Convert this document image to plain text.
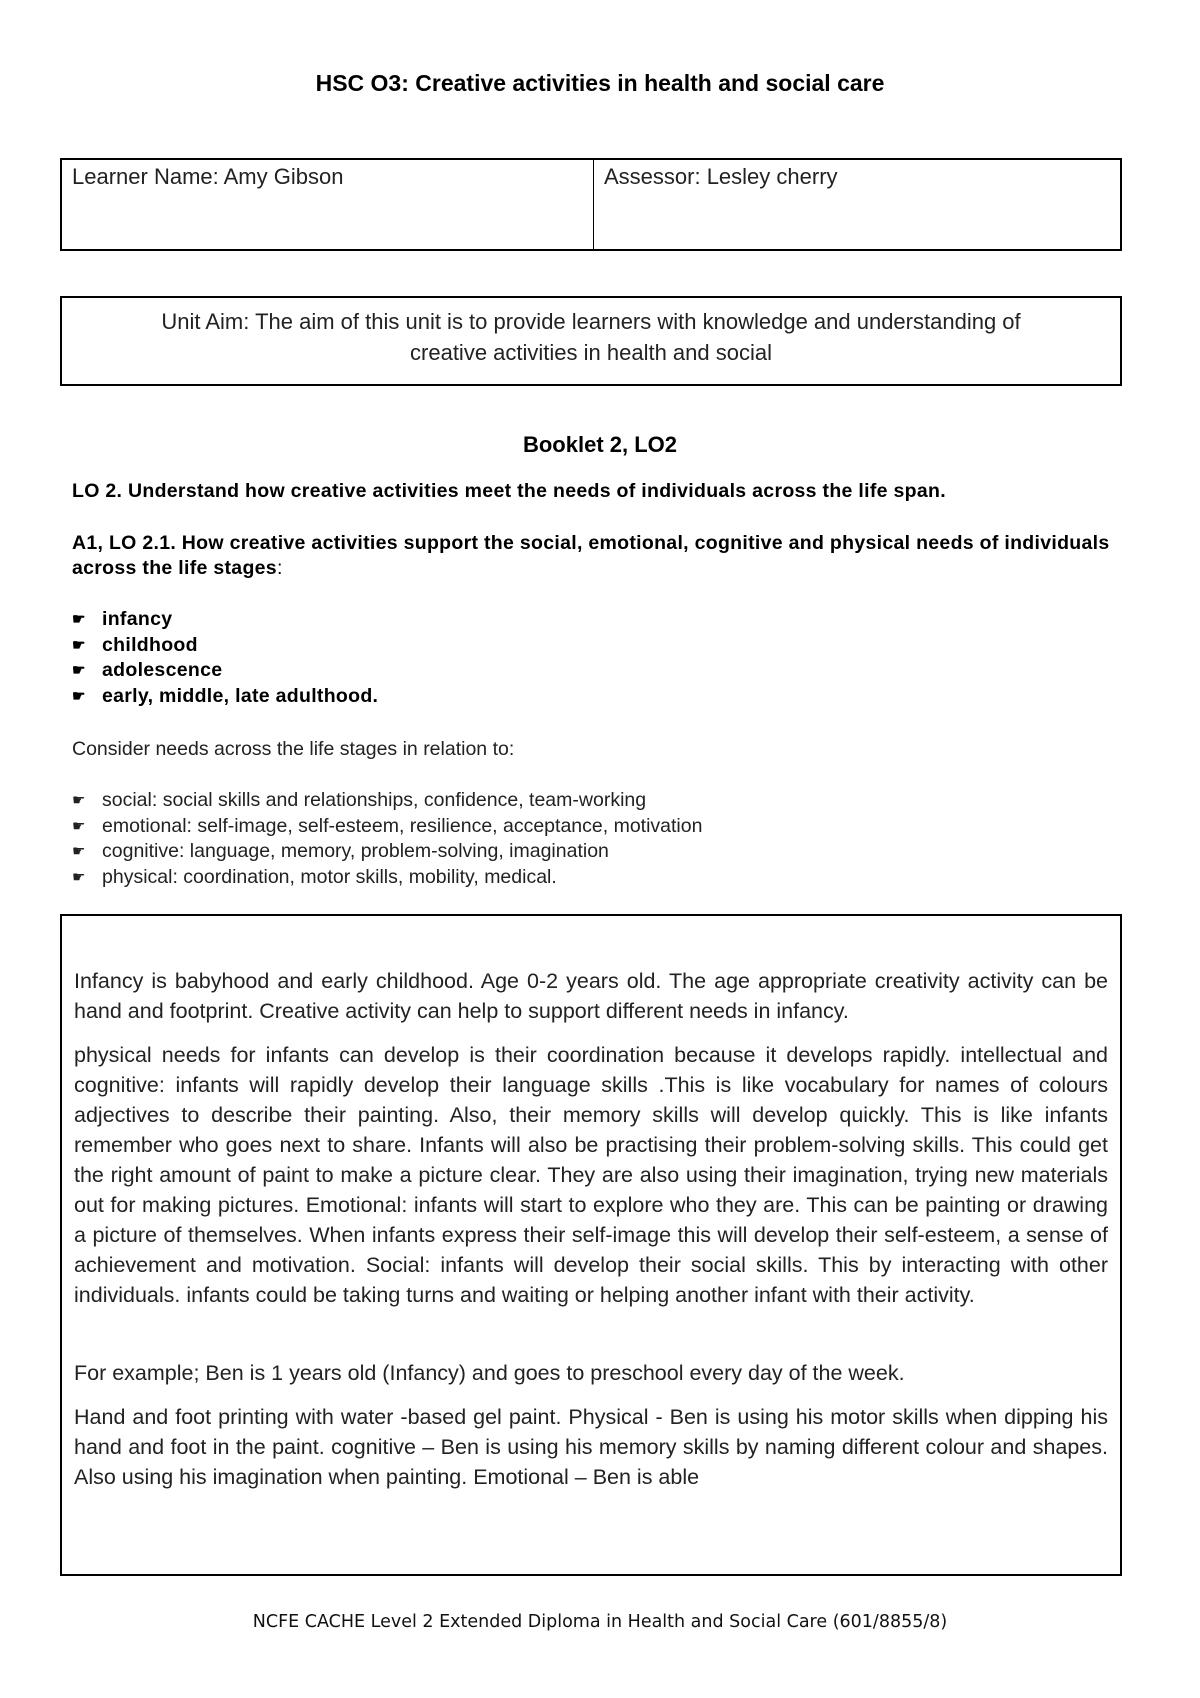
HSC O3: Creative activities in health and social care
Learner Name: Amy Gibson	Assessor: Lesley cherry
Unit Aim: The aim of this unit is to provide learners with knowledge and understanding of creative activities in health and social
Booklet 2, LO2
LO 2. Understand how creative activities meet the needs of individuals across the life span.
A1, LO 2.1. How creative activities support the social, emotional, cognitive and physical needs of individuals across the life stages:
☛ infancy
☛ childhood
☛ adolescence
☛ early, middle, late adulthood.
Consider needs across the life stages in relation to:
☛ social: social skills and relationships, confidence, team-working
☛ emotional: self-image, self-esteem, resilience, acceptance, motivation
☛ cognitive: language, memory, problem-solving, imagination
☛ physical: coordination, motor skills, mobility, medical.

Infancy is babyhood and early childhood. Age 0-2 years old. The age appropriate creativity activity can be hand and footprint. Creative activity can help to support different needs in infancy.

physical needs for infants can develop is their coordination because it develops rapidly. intellectual and cognitive: infants will rapidly develop their language skills .This is like vocabulary for names of colours adjectives to describe their painting. Also, their memory skills will develop quickly. This is like infants remember who goes next to share. Infants will also be practising their problem-solving skills. This could get the right amount of paint to make a picture clear. They are also using their imagination, trying new materials out for making pictures. Emotional: infants will start to explore who they are. This can be painting or drawing a picture of themselves. When infants express their self-image this will develop their self-esteem, a sense of achievement and motivation. Social: infants will develop their social skills. This by interacting with other individuals. infants could be taking turns and waiting or helping another infant with their activity.

For example; Ben is 1 years old (Infancy) and goes to preschool every day of the week.

Hand and foot printing with water -based gel paint. Physical - Ben is using his motor skills when dipping his hand and foot in the paint. cognitive – Ben is using his memory skills by naming different colour and shapes. Also using his imagination when painting. Emotional – Ben is able

NCFE CACHE Level 2 Extended Diploma in Health and Social Care (601/8855/8)
